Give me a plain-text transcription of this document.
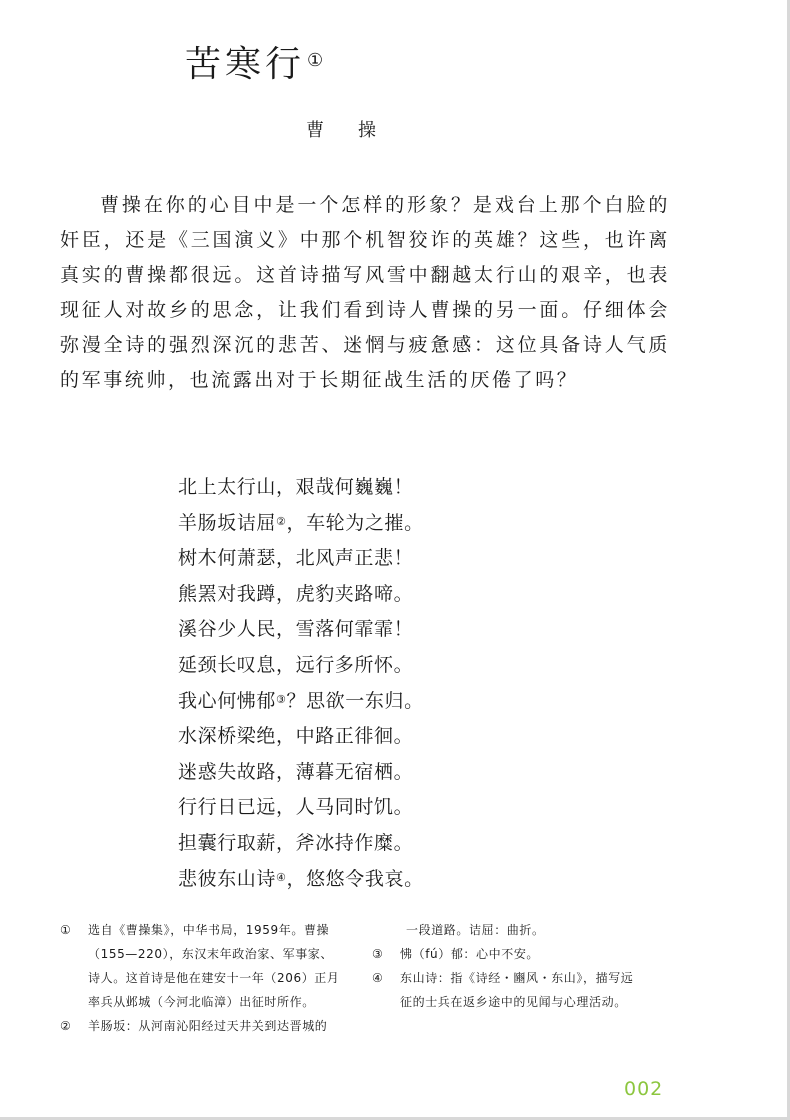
苦寒行 ①
曹　操

曹操在你的心目中是一个怎样的形象？是戏台上那个白脸的奸臣，还是《三国演义》中那个机智狡诈的英雄？这些，也许离真实的曹操都很远。这首诗描写风雪中翻越太行山的艰辛，也表现征人对故乡的思念，让我们看到诗人曹操的另一面。仔细体会弥漫全诗的强烈深沉的悲苦、迷惘与疲惫感：这位具备诗人气质的军事统帅，也流露出对于长期征战生活的厌倦了吗？

北上太行山，艰哉何巍巍！
羊肠坂诘屈②，车轮为之摧。
树木何萧瑟，北风声正悲！
熊罴对我蹲，虎豹夹路啼。
溪谷少人民，雪落何霏霏！
延颈长叹息，远行多所怀。
我心何怫郁③？思欲一东归。
水深桥梁绝，中路正徘徊。
迷惑失故路，薄暮无宿栖。
行行日已远，人马同时饥。
担囊行取薪，斧冰持作糜。
悲彼东山诗④，悠悠令我哀。
① 选自《曹操集》，中华书局，1959年。曹操
（155—220），东汉末年政治家、军事家、
诗人。这首诗是他在建安十一年（206）正月
率兵从邺城（今河北临漳）出征时所作。
② 羊肠坂：从河南沁阳经过天井关到达晋城的
一段道路。诘屈：曲折。
③ 怫（fú）郁：心中不安。
④ 东山诗：指《诗经・豳风・东山》，描写远
征的士兵在返乡途中的见闻与心理活动。
002
